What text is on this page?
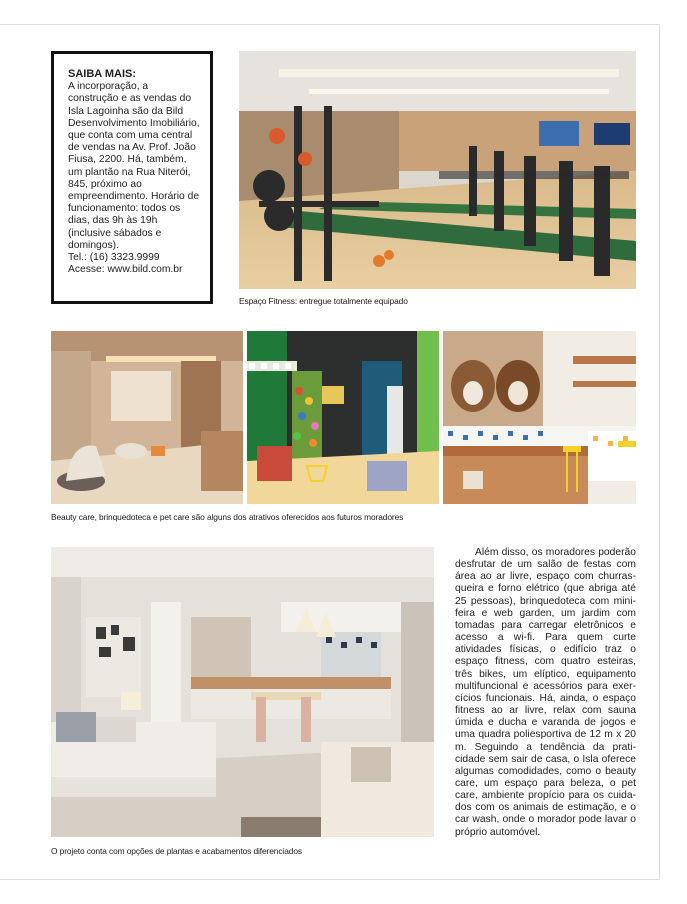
SAIBA MAIS:
A incorporação, a construção e as vendas do Isla Lagoinha são da Bild Desenvolvimento Imobiliário, que conta com uma central de vendas na Av. Prof. João Fiusa, 2200. Há, também, um plantão na Rua Niterói, 845, próximo ao empreendimento. Horário de funcionamento: todos os dias, das 9h às 19h (inclusive sábados e domingos).
Tel.: (16) 3323.9999
Acesse: www.bild.com.br
Espaço Fitness: entregue totalmente equipado
Beauty care, brinquedoteca e pet care são alguns dos atrativos oferecidos aos futuros moradores
O projeto conta com opções de plantas e acabamentos diferenciados
Além disso, os moradores poderão desfrutar de um salão de festas com área ao ar livre, espaço com churrasqueira e forno elétrico (que abriga até 25 pessoas), brinquedoteca com mini-feira e web garden, um jardim com tomadas para carregar eletrônicos e acesso a wi-fi. Para quem curte atividades físicas, o edifício traz o espaço fitness, com quatro esteiras, três bikes, um elíptico, equipamento multifuncional e acessórios para exercícios funcionais. Há, ainda, o espaço fitness ao ar livre, relax com sauna úmida e ducha e varanda de jogos e uma quadra poliesportiva de 12 m x 20 m. Seguindo a tendência da praticidade sem sair de casa, o Isla oferece algumas comodidades, como o beauty care, um espaço para beleza, o pet care, ambiente propício para os cuidados com os animais de estimação, e o car wash, onde o morador pode lavar o próprio automóvel.
